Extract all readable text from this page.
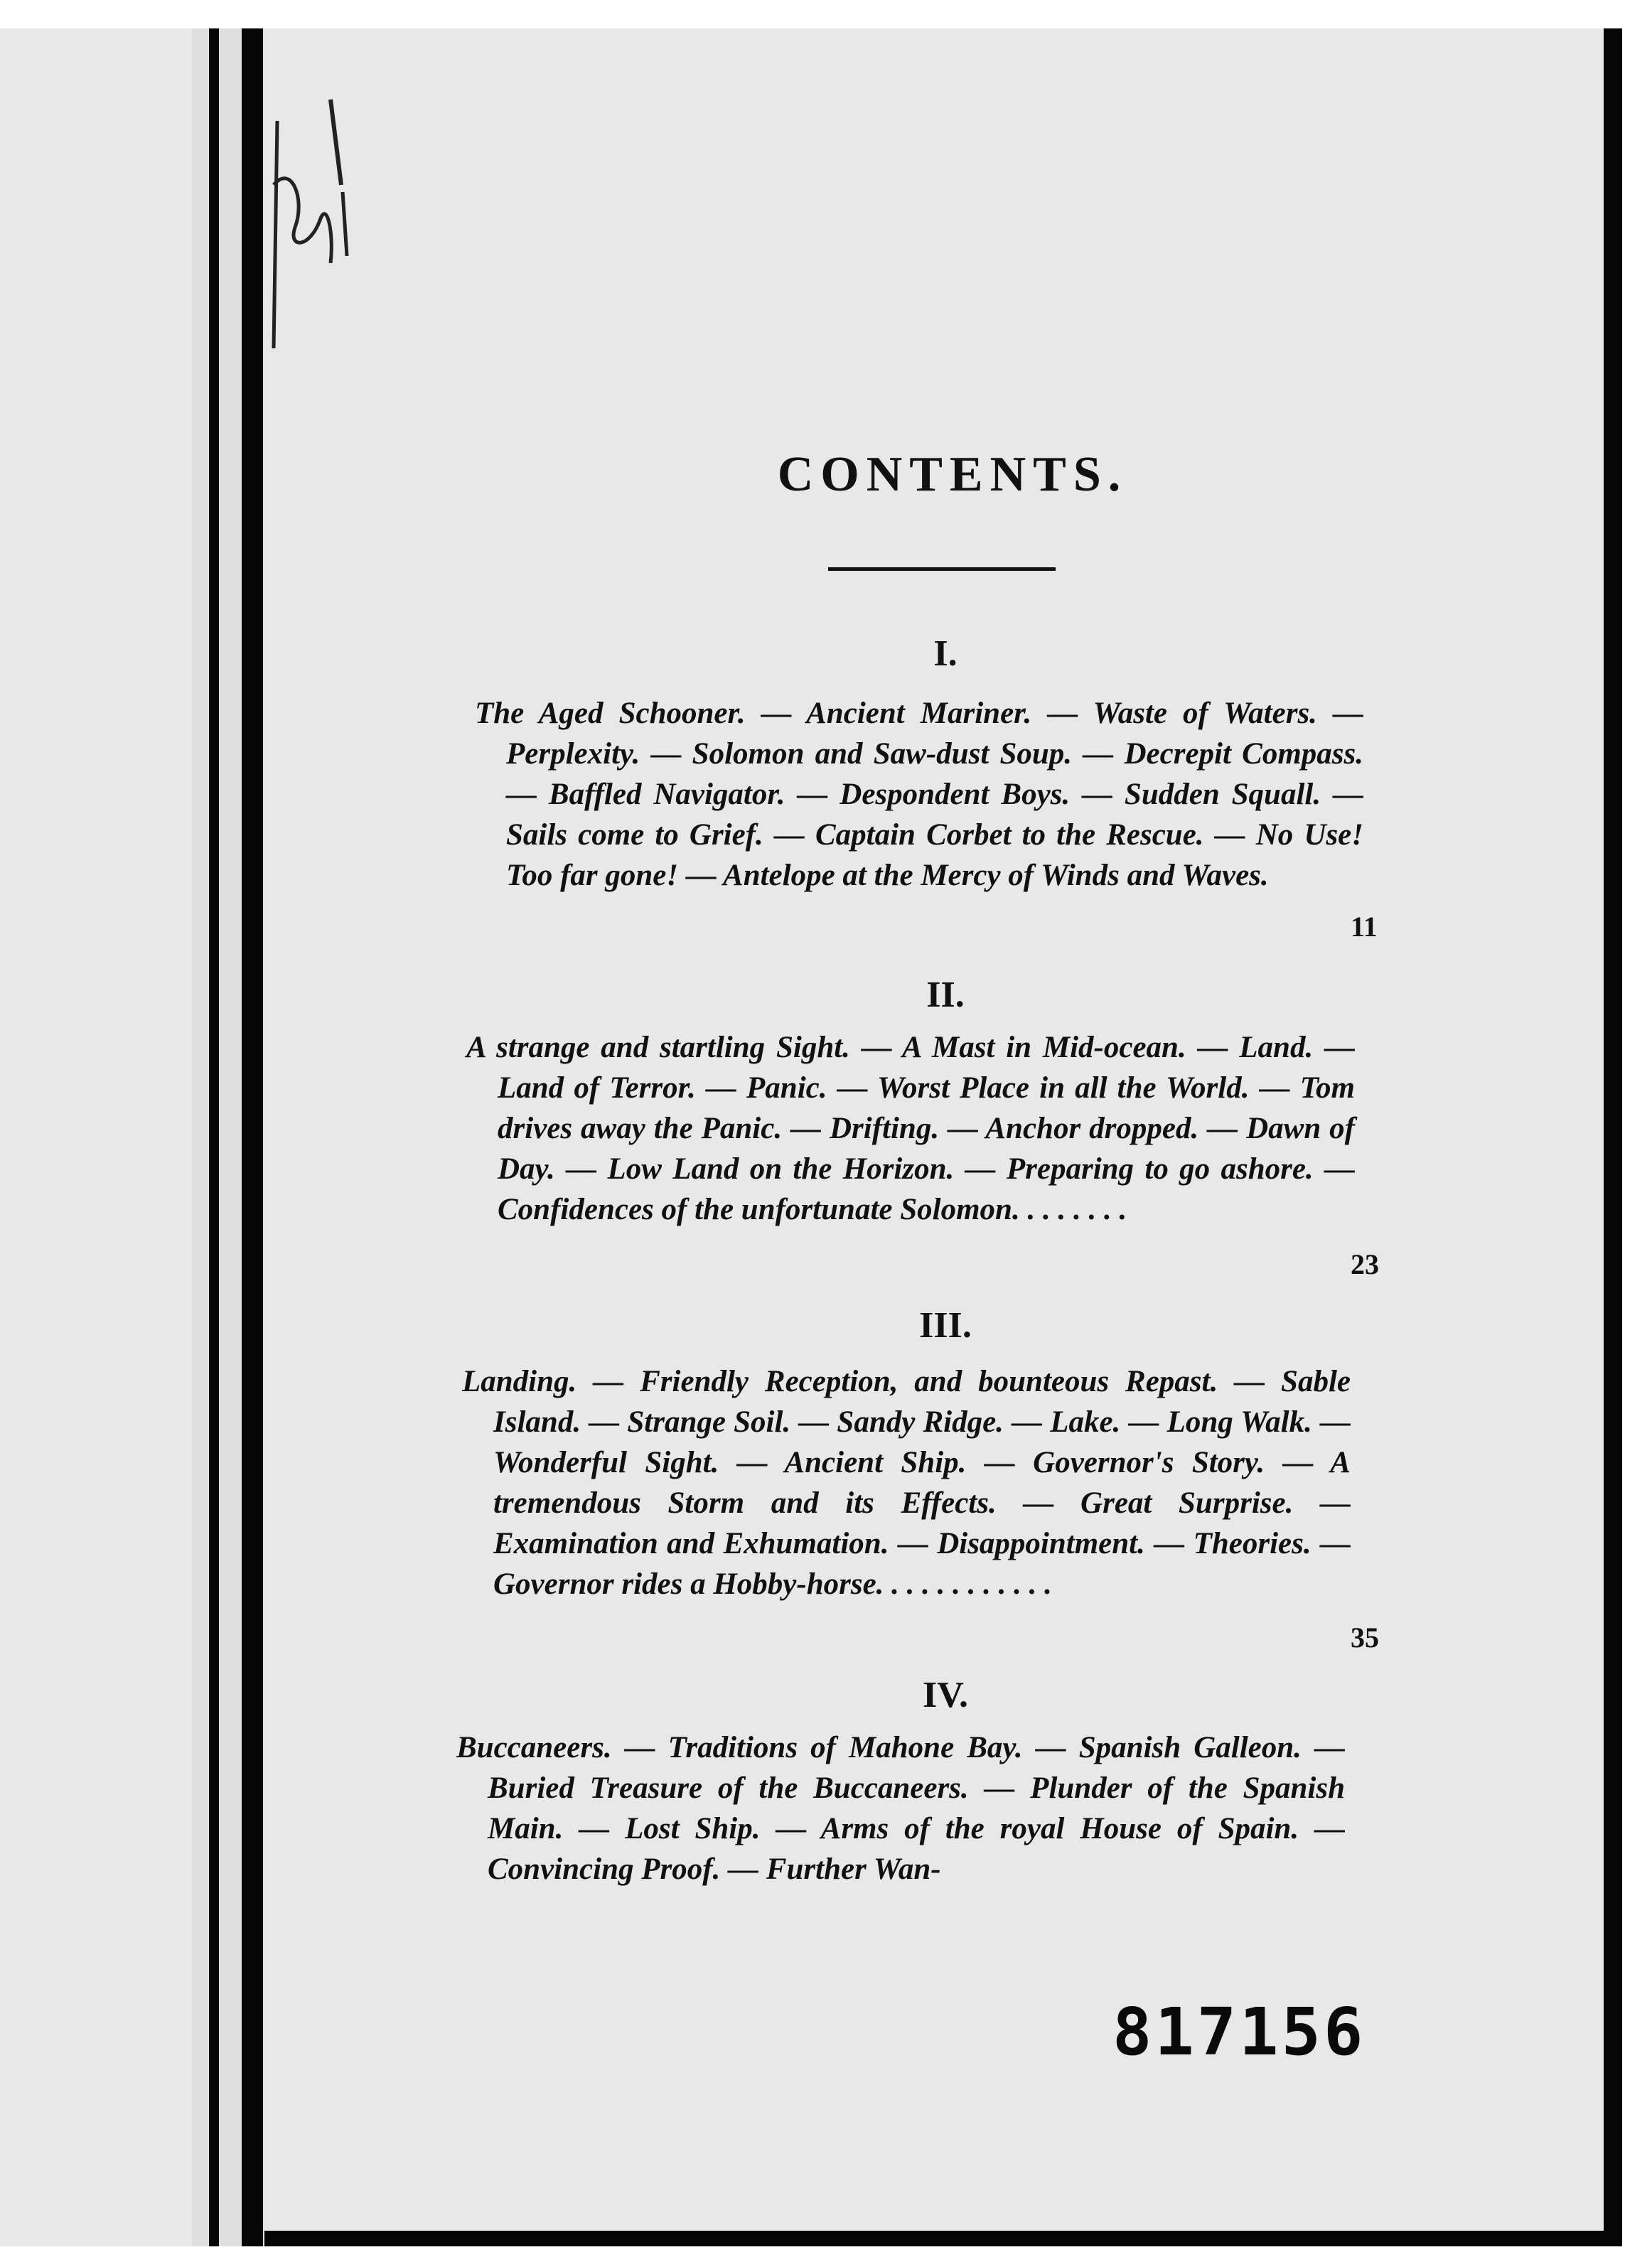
CONTENTS.

I.

The Aged Schooner. — Ancient Mariner. — Waste of Waters. — Perplexity. — Solomon and Saw-dust Soup. — Decrepit Compass. — Baffled Navigator. — Despondent Boys. — Sudden Squall. — Sails come to Grief. — Captain Corbet to the Rescue. — No Use! Too far gone! — Antelope at the Mercy of Winds and Waves.

11

II.

A strange and startling Sight. — A Mast in Mid-ocean. — Land. — Land of Terror. — Panic. — Worst Place in all the World. — Tom drives away the Panic. — Drifting. — Anchor dropped. — Dawn of Day. — Low Land on the Horizon. — Preparing to go ashore. — Confidences of the unfortunate Solomon. . . . . . . .

23

III.

Landing. — Friendly Reception, and bounteous Repast. — Sable Island. — Strange Soil. — Sandy Ridge. — Lake. — Long Walk. — Wonderful Sight. — Ancient Ship. — Governor's Story. — A tremendous Storm and its Effects. — Great Surprise. — Examination and Exhumation. — Disappointment. — Theories. — Governor rides a Hobby-horse. . . . . . . . . . . .

35

IV.

Buccaneers. — Traditions of Mahone Bay. — Spanish Galleon. — Buried Treasure of the Buccaneers. — Plunder of the Spanish Main. — Lost Ship. — Arms of the royal House of Spain. — Convincing Proof. — Further Wan-

817156
